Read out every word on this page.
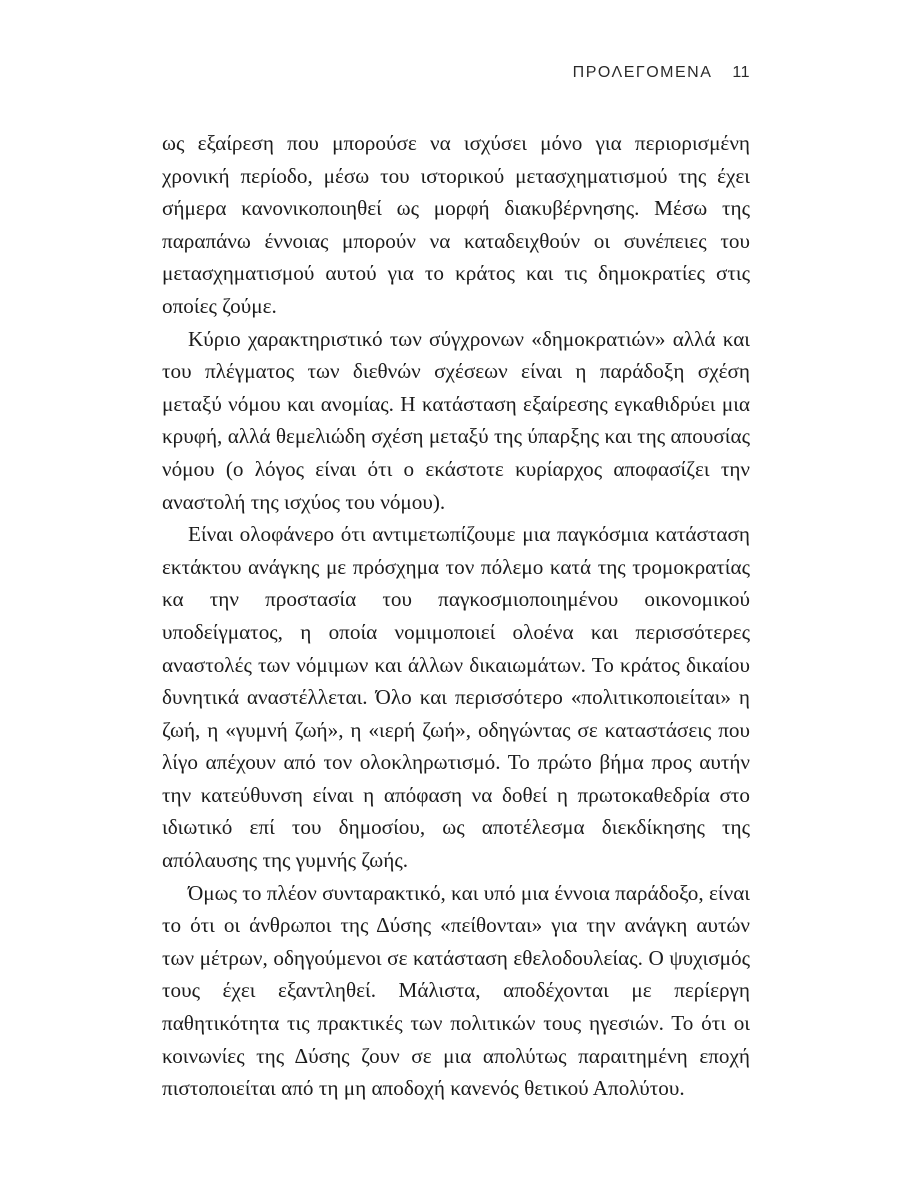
ΠΡΟΛΕΓΟΜΕΝΑ 11

ως εξαίρεση που μπορούσε να ισχύσει μόνο για περιορισμένη χρονική περίοδο, μέσω του ιστορικού μετασχηματισμού της έχει σήμερα κανονικοποιηθεί ως μορφή διακυβέρνησης. Μέσω της παραπάνω έννοιας μπορούν να καταδειχθούν οι συνέπειες του μετασχηματισμού αυτού για το κράτος και τις δημοκρατίες στις οποίες ζούμε.

Κύριο χαρακτηριστικό των σύγχρονων «δημοκρατιών» αλλά και του πλέγματος των διεθνών σχέσεων είναι η παράδοξη σχέση μεταξύ νόμου και ανομίας. Η κατάσταση εξαίρεσης εγκαθιδρύει μια κρυφή, αλλά θεμελιώδη σχέση μεταξύ της ύπαρξης και της απουσίας νόμου (ο λόγος είναι ότι ο εκάστοτε κυρίαρχος αποφασίζει την αναστολή της ισχύος του νόμου).

Είναι ολοφάνερο ότι αντιμετωπίζουμε μια παγκόσμια κατάσταση εκτάκτου ανάγκης με πρόσχημα τον πόλεμο κατά της τρομοκρατίας κα την προστασία του παγκοσμιοποιημένου οικονομικού υποδείγματος, η οποία νομιμοποιεί ολοένα και περισσότερες αναστολές των νόμιμων και άλλων δικαιωμάτων. Το κράτος δικαίου δυνητικά αναστέλλεται. Όλο και περισσότερο «πολιτικοποιείται» η ζωή, η «γυμνή ζωή», η «ιερή ζωή», οδηγώντας σε καταστάσεις που λίγο απέχουν από τον ολοκληρωτισμό. Το πρώτο βήμα προς αυτήν την κατεύθυνση είναι η απόφαση να δοθεί η πρωτοκαθεδρία στο ιδιωτικό επί του δημοσίου, ως αποτέλεσμα διεκδίκησης της απόλαυσης της γυμνής ζωής.

Όμως το πλέον συνταρακτικό, και υπό μια έννοια παράδοξο, είναι το ότι οι άνθρωποι της Δύσης «πείθονται» για την ανάγκη αυτών των μέτρων, οδηγούμενοι σε κατάσταση εθελοδουλείας. Ο ψυχισμός τους έχει εξαντληθεί. Μάλιστα, αποδέχονται με περίεργη παθητικότητα τις πρακτικές των πολιτικών τους ηγεσιών. Το ότι οι κοινωνίες της Δύσης ζουν σε μια απολύτως παραιτημένη εποχή πιστοποιείται από τη μη αποδοχή κανενός θετικού Απολύτου.
